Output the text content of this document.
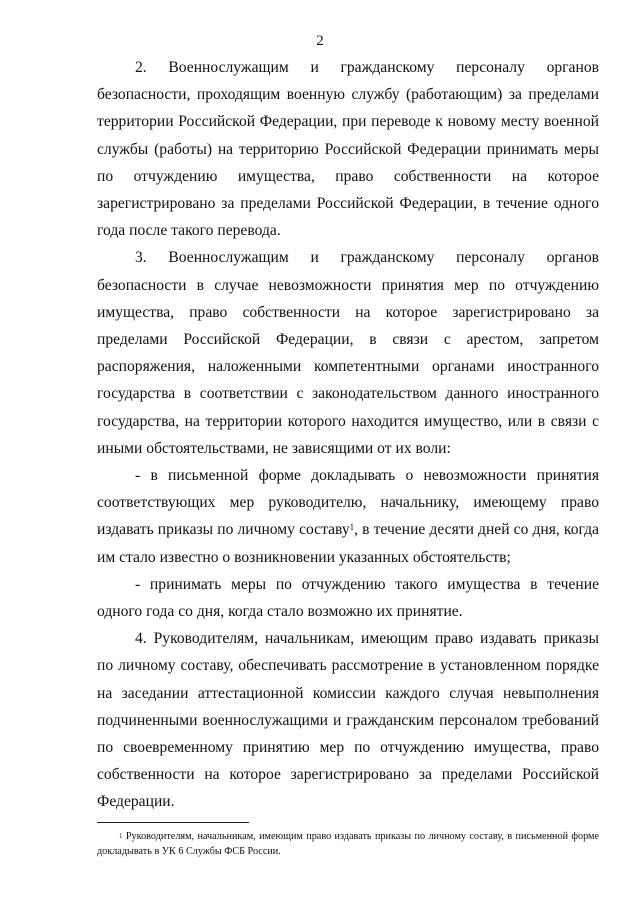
2

2. Военнослужащим и гражданскому персоналу органов безопасности, проходящим военную службу (работающим) за пределами территории Российской Федерации, при переводе к новому месту военной службы (работы) на территорию Российской Федерации принимать меры по отчуждению имущества, право собственности на которое зарегистрировано за пределами Российской Федерации, в течение одного года после такого перевода.

3. Военнослужащим и гражданскому персоналу органов безопасности в случае невозможности принятия мер по отчуждению имущества, право собственности на которое зарегистрировано за пределами Российской Федерации, в связи с арестом, запретом распоряжения, наложенными компетентными органами иностранного государства в соответствии с законодательством данного иностранного государства, на территории которого находится имущество, или в связи с иными обстоятельствами, не зависящими от их воли:

- в письменной форме докладывать о невозможности принятия соответствующих мер руководителю, начальнику, имеющему право издавать приказы по личному составу$^1$, в течение десяти дней со дня, когда им стало известно о возникновении указанных обстоятельств;

- принимать меры по отчуждению такого имущества в течение одного года со дня, когда стало возможно их принятие.

4. Руководителям, начальникам, имеющим право издавать приказы по личному составу, обеспечивать рассмотрение в установленном порядке на заседании аттестационной комиссии каждого случая невыполнения подчиненными военнослужащими и гражданским персоналом требований по своевременному принятию мер по отчуждению имущества, право собственности на которое зарегистрировано за пределами Российской Федерации.

$^1$ Руководителям, начальникам, имеющим право издавать приказы по личному составу, в письменной форме докладывать в УК 6 Службы ФСБ России.
